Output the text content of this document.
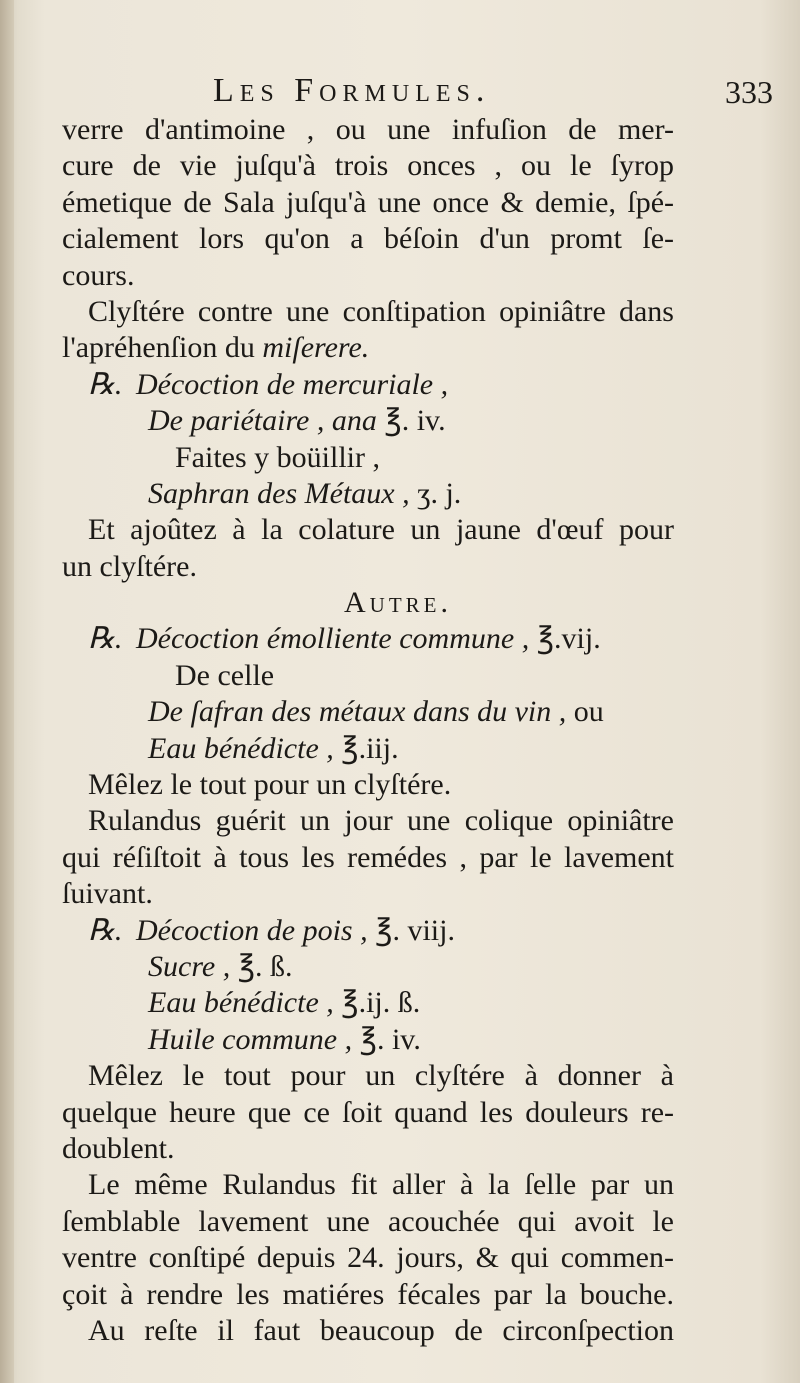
Les Formules.	333
verre d'antimoine , ou une infuſion de mer-
cure de vie juſqu'à trois onces , ou le ſyrop
émetique de Sala juſqu'à une once & demie, ſpé-
cialement lors qu'on a béſoin d'un promt ſe-
cours.
Clyſtére contre une conſtipation opiniâtre dans
l'apréhenſion du miſerere.
℞. Décoction de mercuriale ,
De pariétaire , ana ℥. iv.
Faites y boüillir ,
Saphran des Métaux , ʒ. j.
Et ajoûtez à la colature un jaune d'œuf pour
un clyſtére.
Autre.
℞. Décoction émolliente commune , ℥.vij.
De celle
De ſafran des métaux dans du vin , ou
Eau bénédicte , ℥.iij.
Mêlez le tout pour un clyſtére.
Rulandus guérit un jour une colique opiniâtre
qui réſiſtoit à tous les remédes , par le lavement
ſuivant.
℞. Décoction de pois , ℥. viij.
Sucre , ℥. ß.
Eau bénédicte , ℥.ij. ß.
Huile commune , ℥. iv.
Mêlez le tout pour un clyſtére à donner à
quelque heure que ce ſoit quand les douleurs re-
doublent.
Le même Rulandus fit aller à la ſelle par un
ſemblable lavement une acouchée qui avoit le
ventre conſtipé depuis 24. jours, & qui commen-
çoit à rendre les matiéres fécales par la bouche.
Au reſte il faut beaucoup de circonſpection
